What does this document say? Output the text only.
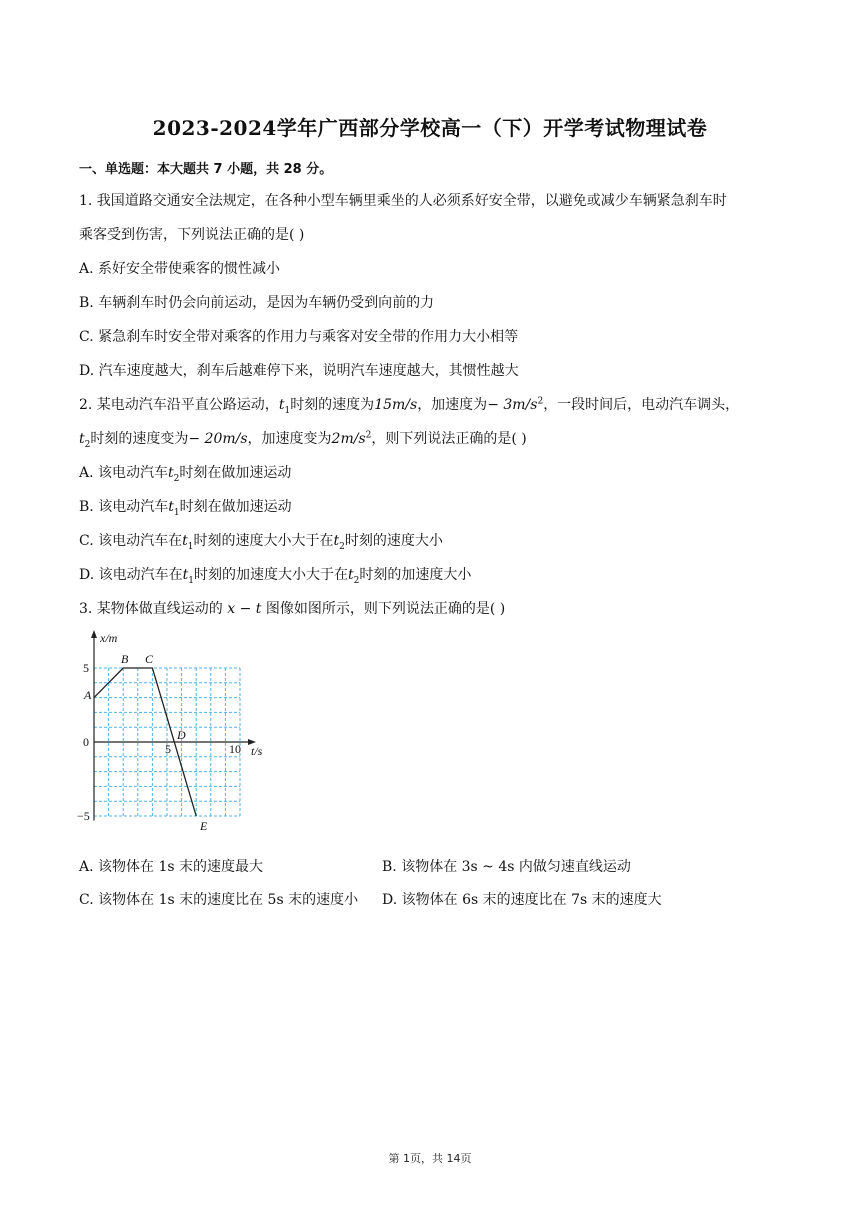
2023-2024学年广西部分学校高一（下）开学考试物理试卷
一、单选题：本大题共 7 小题，共 28 分。
1. 我国道路交通安全法规定，在各种小型车辆里乘坐的人必须系好安全带，以避免或减少车辆紧急刹车时
乘客受到伤害，下列说法正确的是( )
A. 系好安全带使乘客的惯性减小
B. 车辆刹车时仍会向前运动，是因为车辆仍受到向前的力
C. 紧急刹车时安全带对乘客的作用力与乘客对安全带的作用力大小相等
D. 汽车速度越大，刹车后越难停下来，说明汽车速度越大，其惯性越大
2. 某电动汽车沿平直公路运动，$t_1$时刻的速度为15m/s，加速度为− $3m/s^2$，一段时间后，电动汽车调头，
$t_2$时刻的速度变为− 20m/s，加速度变为$2m/s^2$，则下列说法正确的是( )
A. 该电动汽车$t_2$时刻在做加速运动
B. 该电动汽车$t_1$时刻在做加速运动
C. 该电动汽车在$t_1$时刻的速度大小大于在$t_2$时刻的速度大小
D. 该电动汽车在$t_1$时刻的加速度大小大于在$t_2$时刻的加速度大小
3. 某物体做直线运动的 x − t 图像如图所示，则下列说法正确的是( )
x/m
t/s
5
0
−5
5	10
A
B C
D
E
A. 该物体在 1s 末的速度最大	B. 该物体在 3s ~ 4s 内做匀速直线运动
C. 该物体在 1s 末的速度比在 5s 末的速度小 D. 该物体在 6s 末的速度比在 7s 末的速度大
第 1页，共 14页
